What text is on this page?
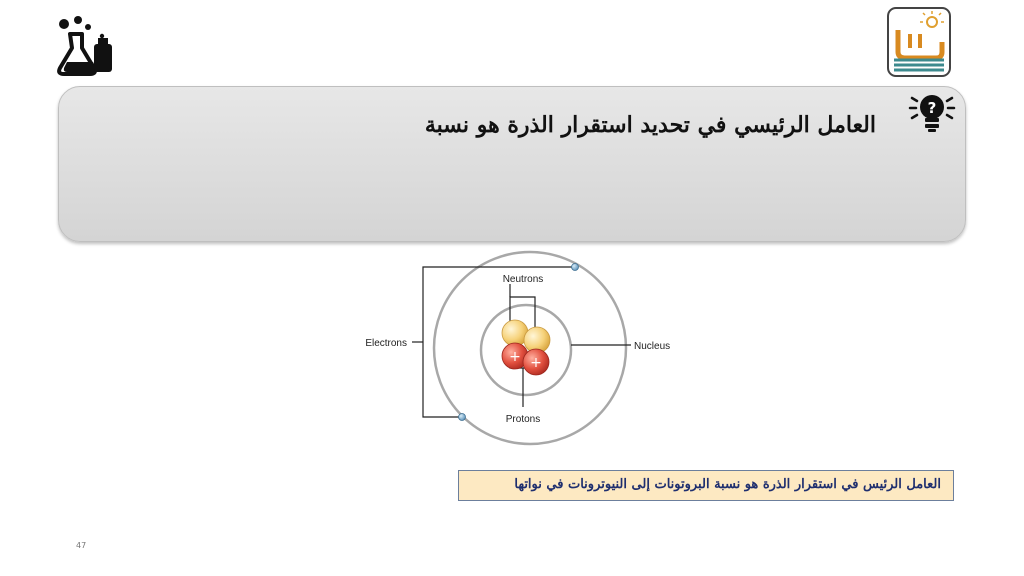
العامل الرئيسي في تحديد استقرار الذرة هو نسبة
?
Electrons
Neutrons
Protons
Nucleus
+ +
العامل الرئيس في استقرار الذرة هو نسبة البروتونات إلى النيوترونات في نواتها
47
